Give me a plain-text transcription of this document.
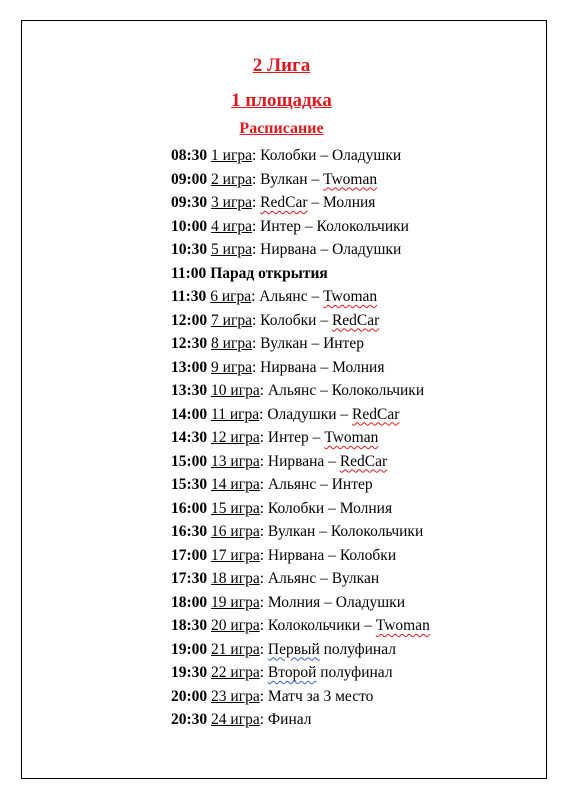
2 Лига
1 площадка
Расписание
08:30 1 игра: Колобки – Оладушки
09:00 2 игра: Вулкан – Twoman
09:30 3 игра: RedCar – Молния
10:00 4 игра: Интер – Колокольчики
10:30 5 игра: Нирвана – Оладушки
11:00 Парад открытия
11:30 6 игра: Альянс – Twoman
12:00 7 игра: Колобки – RedCar
12:30 8 игра: Вулкан – Интер
13:00 9 игра: Нирвана – Молния
13:30 10 игра: Альянс – Колокольчики
14:00 11 игра: Оладушки – RedCar
14:30 12 игра: Интер – Twoman
15:00 13 игра: Нирвана – RedCar
15:30 14 игра: Альянс – Интер
16:00 15 игра: Колобки – Молния
16:30 16 игра: Вулкан – Колокольчики
17:00 17 игра: Нирвана – Колобки
17:30 18 игра: Альянс – Вулкан
18:00 19 игра: Молния – Оладушки
18:30 20 игра: Колокольчики – Twoman
19:00 21 игра: Первый полуфинал
19:30 22 игра: Второй полуфинал
20:00 23 игра: Матч за 3 место
20:30 24 игра: Финал
